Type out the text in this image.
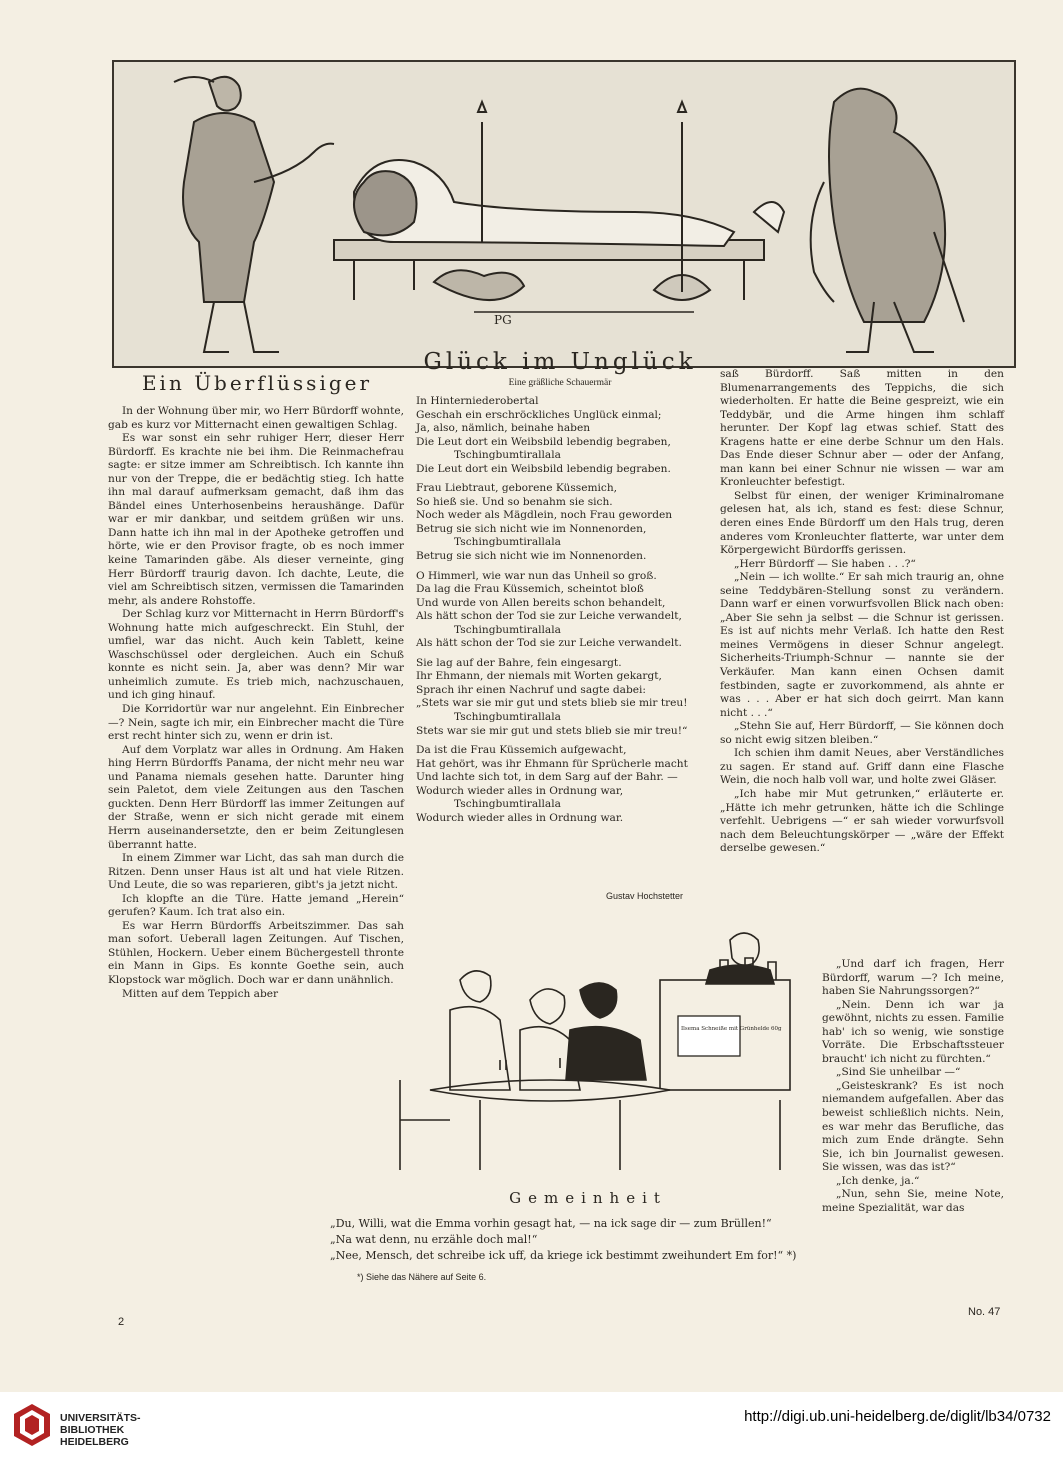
PG
Ein Überflüssiger

In der Wohnung über mir, wo Herr Bürdorff wohnte, gab es kurz vor Mitternacht einen gewaltigen Schlag.

Es war sonst ein sehr ruhiger Herr, dieser Herr Bürdorff. Es krachte nie bei ihm. Die Reinmachefrau sagte: er sitze immer am Schreibtisch. Ich kannte ihn nur von der Treppe, die er bedächtig stieg. Ich hatte ihn mal darauf aufmerksam gemacht, daß ihm das Bändel eines Unterhosenbeins heraushänge. Dafür war er mir dankbar, und seitdem grüßen wir uns. Dann hatte ich ihn mal in der Apotheke getroffen und hörte, wie er den Provisor fragte, ob es noch immer keine Tamarinden gäbe. Als dieser verneinte, ging Herr Bürdorff traurig davon. Ich dachte, Leute, die viel am Schreibtisch sitzen, vermissen die Tamarinden mehr, als andere Rohstoffe.

Der Schlag kurz vor Mitternacht in Herrn Bürdorff's Wohnung hatte mich aufgeschreckt. Ein Stuhl, der umfiel, war das nicht. Auch kein Tablett, keine Waschschüssel oder dergleichen. Auch ein Schuß konnte es nicht sein. Ja, aber was denn? Mir war unheimlich zumute. Es trieb mich, nachzuschauen, und ich ging hinauf.

Die Korridortür war nur angelehnt. Ein Einbrecher—? Nein, sagte ich mir, ein Einbrecher macht die Türe erst recht hinter sich zu, wenn er drin ist.

Auf dem Vorplatz war alles in Ordnung. Am Haken hing Herrn Bürdorffs Panama, der nicht mehr neu war und Panama niemals gesehen hatte. Darunter hing sein Paletot, dem viele Zeitungen aus den Taschen guckten. Denn Herr Bürdorff las immer Zeitungen auf der Straße, wenn er sich nicht gerade mit einem Herrn auseinandersetzte, den er beim Zeitunglesen überrannt hatte.

In einem Zimmer war Licht, das sah man durch die Ritzen. Denn unser Haus ist alt und hat viele Ritzen. Und Leute, die so was reparieren, gibt's ja jetzt nicht.

Ich klopfte an die Türe. Hatte jemand „Herein“ gerufen? Kaum. Ich trat also ein.

Es war Herrn Bürdorffs Arbeitszimmer. Das sah man sofort. Ueberall lagen Zeitungen. Auf Tischen, Stühlen, Hockern. Ueber einem Büchergestell thronte ein Mann in Gips. Es konnte Goethe sein, auch Klopstock war möglich. Doch war er dann unähnlich.

Mitten auf dem Teppich aber

Glück im Unglück
Eine gräßliche Schauermär
In Hinterniederobertal
Geschah ein erschröckliches Unglück einmal;
Ja, also, nämlich, beinahe haben
Die Leut dort ein Weibsbild lebendig begraben,
Tschingbumtirallala
Die Leut dort ein Weibsbild lebendig begraben.
Frau Liebtraut, geborene Küssemich,
So hieß sie. Und so benahm sie sich.
Noch weder als Mägdlein, noch Frau geworden
Betrug sie sich nicht wie im Nonnenorden,
Tschingbumtirallala
Betrug sie sich nicht wie im Nonnenorden.
O Himmerl, wie war nun das Unheil so groß.
Da lag die Frau Küssemich, scheintot bloß
Und wurde von Allen bereits schon behandelt,
Als hätt schon der Tod sie zur Leiche verwandelt,
Tschingbumtirallala
Als hätt schon der Tod sie zur Leiche verwandelt.
Sie lag auf der Bahre, fein eingesargt.
Ihr Ehmann, der niemals mit Worten gekargt,
Sprach ihr einen Nachruf und sagte dabei:
„Stets war sie mir gut und stets blieb sie mir treu!
Tschingbumtirallala
Stets war sie mir gut und stets blieb sie mir treu!“
Da ist die Frau Küssemich aufgewacht,
Hat gehört, was ihr Ehmann für Sprücherle macht
Und lachte sich tot, in dem Sarg auf der Bahr. —
Wodurch wieder alles in Ordnung war,
Tschingbumtirallala
Wodurch wieder alles in Ordnung war.
Gustav Hochstetter

saß Bürdorff. Saß mitten in den Blumenarrangements des Teppichs, die sich wiederholten. Er hatte die Beine gespreizt, wie ein Teddybär, und die Arme hingen ihm schlaff herunter. Der Kopf lag etwas schief. Statt des Kragens hatte er eine derbe Schnur um den Hals. Das Ende dieser Schnur aber — oder der Anfang, man kann bei einer Schnur nie wissen — war am Kronleuchter befestigt.

Selbst für einen, der weniger Kriminalromane gelesen hat, als ich, stand es fest: diese Schnur, deren eines Ende Bürdorff um den Hals trug, deren anderes vom Kronleuchter flatterte, war unter dem Körpergewicht Bürdorffs gerissen.

„Herr Bürdorff — Sie haben . . .?“

„Nein — ich wollte.“ Er sah mich traurig an, ohne seine Teddybären-Stellung sonst zu verändern. Dann warf er einen vorwurfsvollen Blick nach oben: „Aber Sie sehn ja selbst — die Schnur ist gerissen. Es ist auf nichts mehr Verlaß. Ich hatte den Rest meines Vermögens in dieser Schnur angelegt. Sicherheits-Triumph-Schnur — nannte sie der Verkäufer. Man kann einen Ochsen damit festbinden, sagte er zuvorkommend, als ahnte er was . . . Aber er hat sich doch geirrt. Man kann nicht . . .“

„Stehn Sie auf, Herr Bürdorff, — Sie können doch so nicht ewig sitzen bleiben.“

Ich schien ihm damit Neues, aber Verständliches zu sagen. Er stand auf. Griff dann eine Flasche Wein, die noch halb voll war, und holte zwei Gläser.

„Ich habe mir Mut getrunken,“ erläuterte er. „Hätte ich mehr getrunken, hätte ich die Schlinge verfehlt. Uebrigens —“ er sah wieder vorwurfsvoll nach dem Beleuchtungskörper — „wäre der Effekt derselbe gewesen.“

„Und darf ich fragen, Herr Bürdorff, warum —? Ich meine, haben Sie Nahrungssorgen?“

„Nein. Denn ich war ja gewöhnt, nichts zu essen. Familie hab' ich so wenig, wie sonstige Vorräte. Die Erbschaftssteuer braucht' ich nicht zu fürchten.“

„Sind Sie unheilbar —“

„Geisteskrank? Es ist noch niemandem aufgefallen. Aber das beweist schließlich nichts. Nein, es war mehr das Berufliche, das mich zum Ende drängte. Sehn Sie, ich bin Journalist gewesen. Sie wissen, was das ist?“

„Ich denke, ja.“

„Nun, sehn Sie, meine Note, meine Spezialität, war das

Ilsema Schneiße mit Grünhelde 60g
Gemeinheit
„Du, Willi, wat die Emma vorhin gesagt hat, — na ick sage dir — zum Brüllen!“
„Na wat denn, nu erzähle doch mal!“
„Nee, Mensch, det schreibe ick uff, da kriege ick bestimmt zweihundert Em for!“ *)
*) Siehe das Nähere auf Seite 6.
2
No. 47
UNIVERSITÄTS-
BIBLIOTHEK
HEIDELBERG
http://digi.ub.uni-heidelberg.de/diglit/lb34/0732
